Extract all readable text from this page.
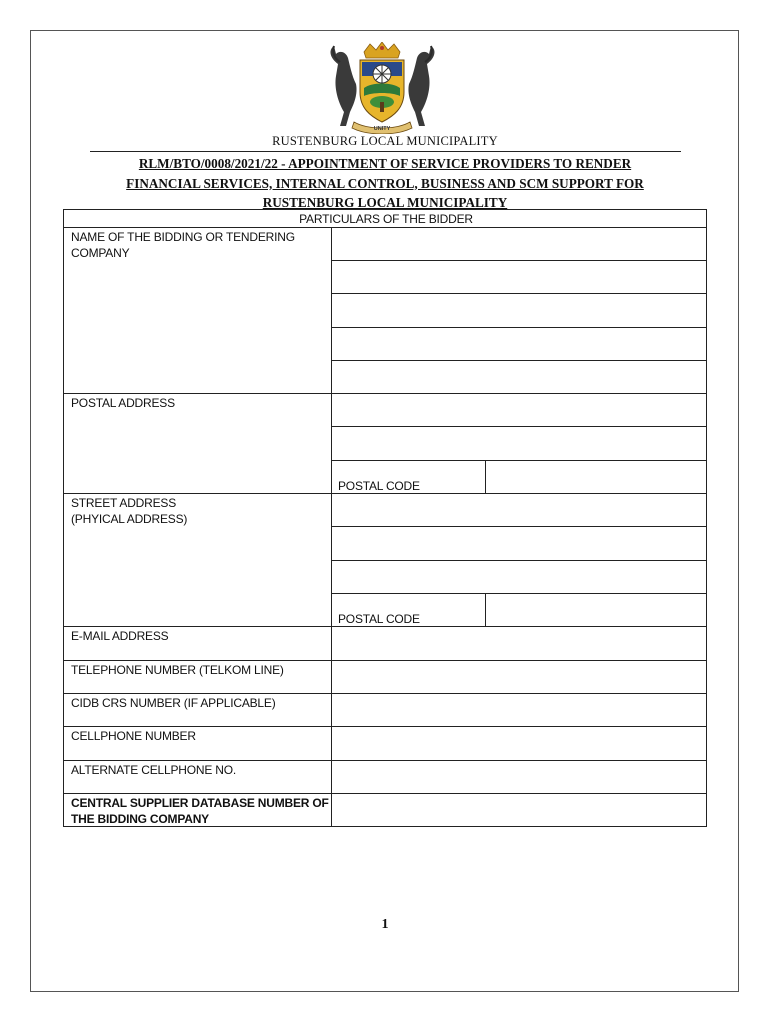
UNITY
RUSTENBURG LOCAL MUNICIPALITY
RLM/BTO/0008/2021/22 - APPOINTMENT OF SERVICE PROVIDERS TO RENDER
FINANCIAL SERVICES, INTERNAL CONTROL, BUSINESS AND SCM SUPPORT FOR
RUSTENBURG LOCAL MUNICIPALITY
PARTICULARS OF THE BIDDER
NAME OF THE BIDDING OR TENDERING
COMPANY
POSTAL ADDRESS
POSTAL CODE
STREET ADDRESS
(PHYICAL ADDRESS)
POSTAL CODE
E-MAIL ADDRESS
TELEPHONE NUMBER (TELKOM LINE)
CIDB CRS NUMBER (IF APPLICABLE)
CELLPHONE NUMBER
ALTERNATE CELLPHONE NO.
CENTRAL SUPPLIER DATABASE NUMBER OF
THE BIDDING COMPANY
1
